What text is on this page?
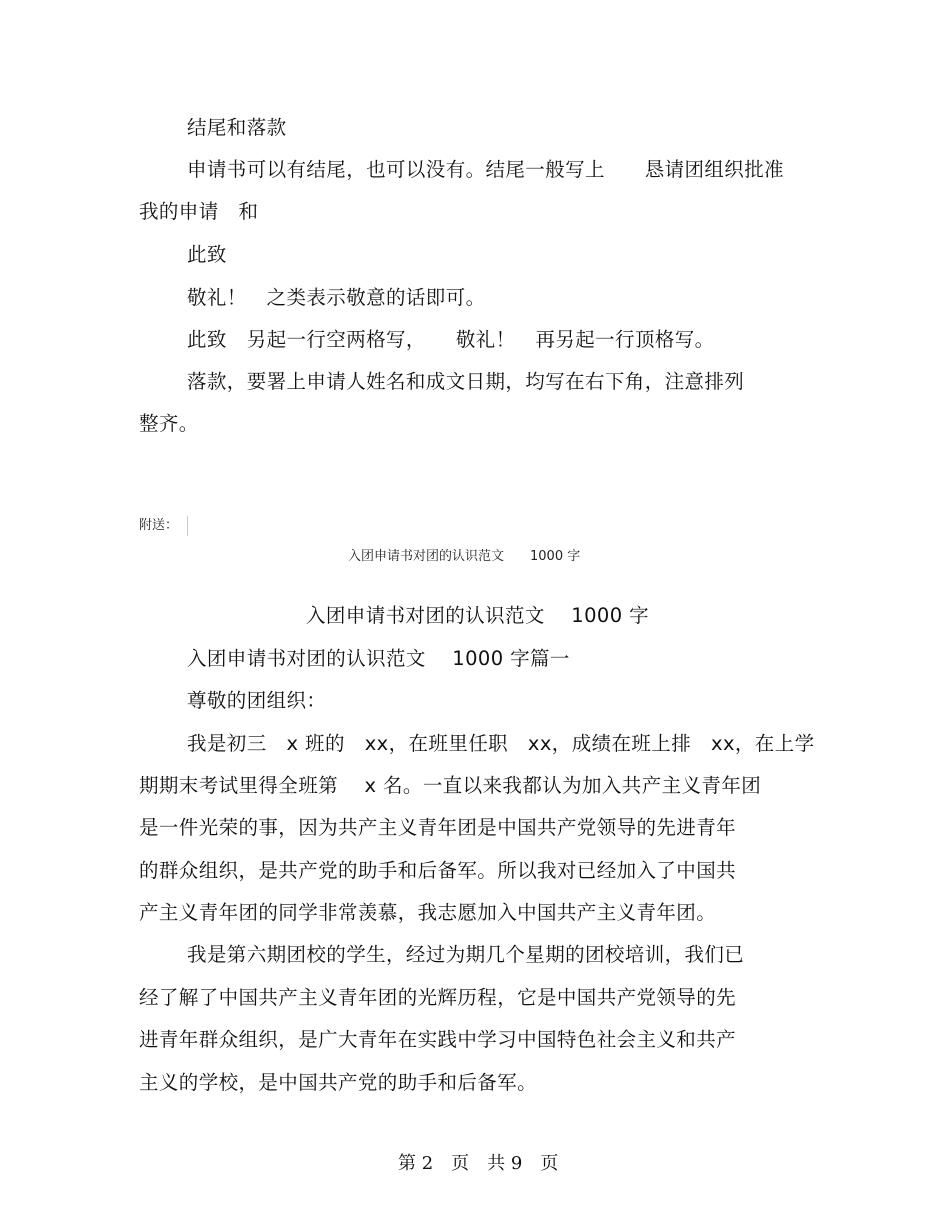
结尾和落款
申请书可以有结尾，也可以没有。结尾一般写上　　恳请团组织批准
我的申请　和
此致
敬礼！　之类表示敬意的话即可。
此致　另起一行空两格写，　　敬礼！　再另起一行顶格写。
落款，要署上申请人姓名和成文日期，均写在右下角，注意排列
整齐。
附送：
入团申请书对团的认识范文　　1000 字
入团申请书对团的认识范文　 1000 字
入团申请书对团的认识范文　 1000 字篇一
尊敬的团组织：
我是初三　x 班的　xx，在班里任职　xx，成绩在班上排　xx，在上学
期期末考试里得全班第　 x 名。一直以来我都认为加入共产主义青年团
是一件光荣的事，因为共产主义青年团是中国共产党领导的先进青年
的群众组织，是共产党的助手和后备军。所以我对已经加入了中国共
产主义青年团的同学非常羡慕，我志愿加入中国共产主义青年团。
我是第六期团校的学生，经过为期几个星期的团校培训，我们已
经了解了中国共产主义青年团的光辉历程，它是中国共产党领导的先
进青年群众组织，是广大青年在实践中学习中国特色社会主义和共产
主义的学校，是中国共产党的助手和后备军。
第 2　页　共 9　页
